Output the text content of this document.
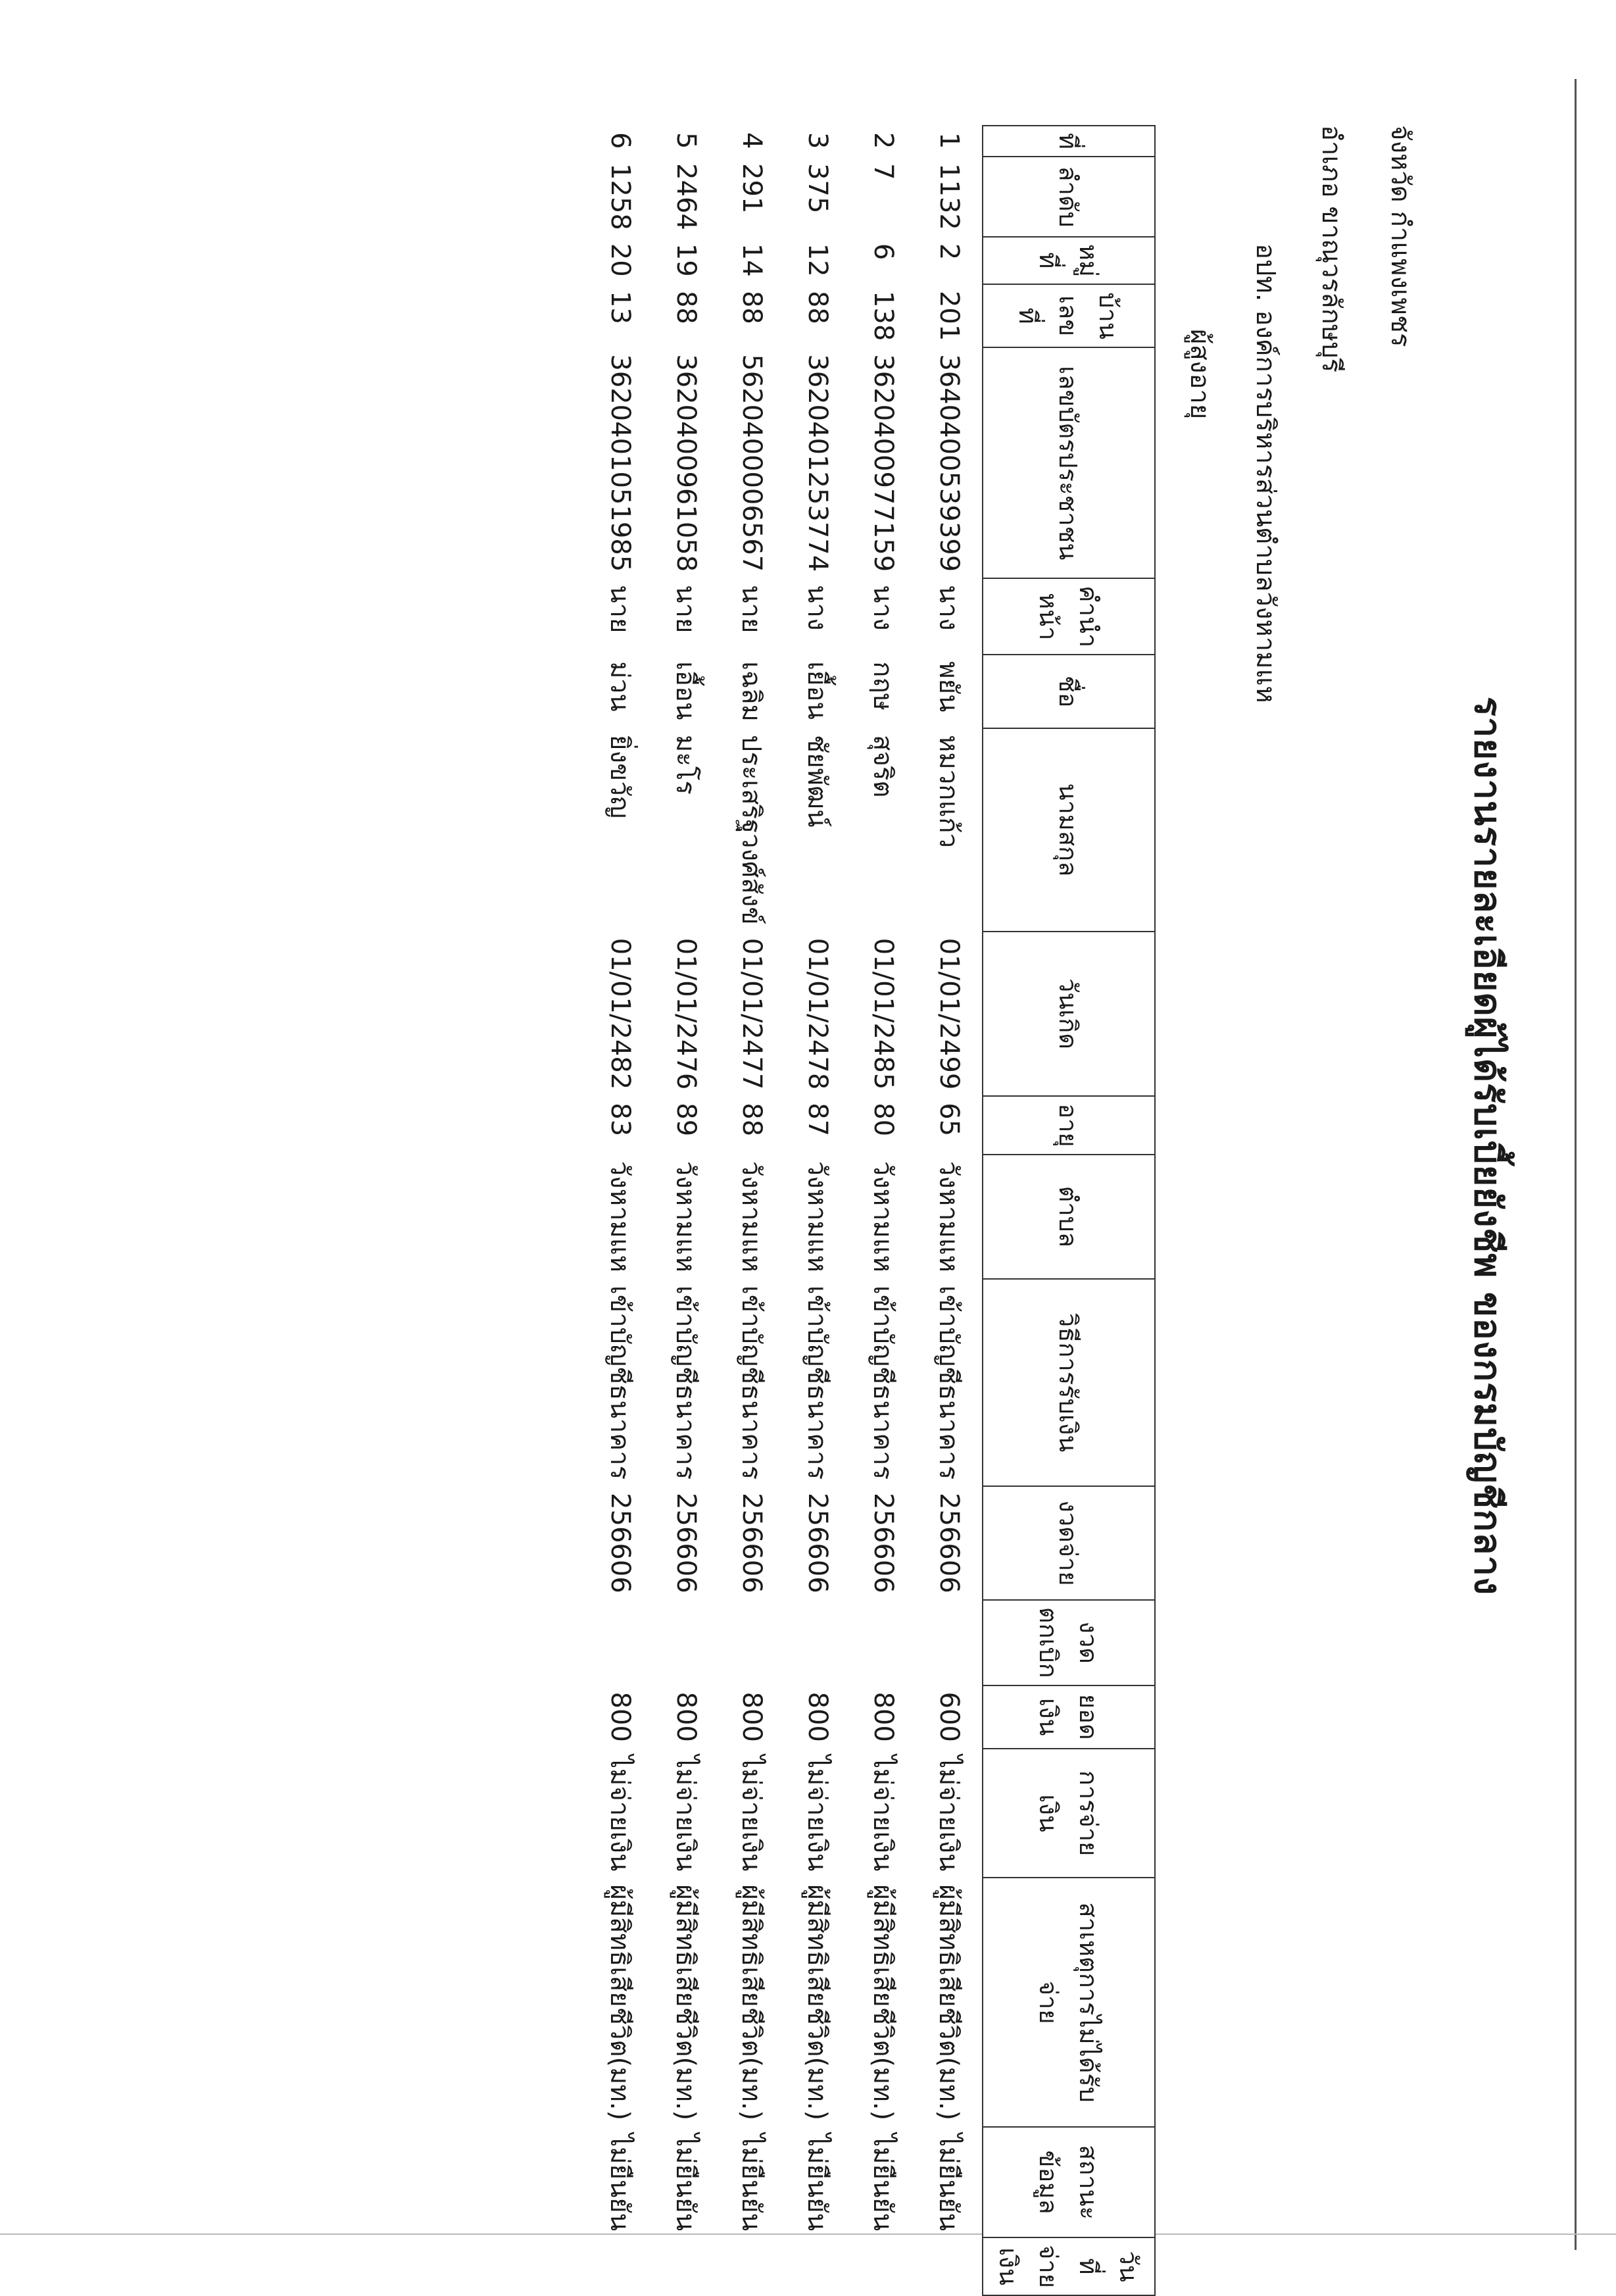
รายงานรายละเอียดผู้ได้รับเบี้ยยังชีพ ของกรมบัญชีกลาง
จังหวัด กำแพงเพชร
อำเภอ ขาณุวรลักษบุรี
อปท. องค์การบริหารส่วนตำบลวังหามแห
ผู้สูงอายุ
ที่	ลำดับ	หมู่ที่	บ้านเลขที่	เลขบัตรประชาชน	คำนำหน้า	ชื่อ	นามสกุล	วันเกิด	อายุ	ตำบล	วิธีการรับเงิน	งวดจ่าย	งวด ตกเบิก	ยอดเงิน	การจ่ายเงิน	สาเหตุการไม่ได้รับจ่าย	สถานะ ข้อมูล	วันที่ จ่ายเงิน
1	1132	2	201	3640400539399	นาง	พยัน	หมวกแก้ว	01/01/2499	65	วังหามแห	เข้าบัญชีธนาคาร	256606		600	ไม่จ่ายเงิน	ผู้มีสิทธิเสียชีวิต(มท.)	ไม่ยืนยัน	
2	7	6	138	3620400977159	นาง	กฤษ	สุจริต	01/01/2485	80	วังหามแห	เข้าบัญชีธนาคาร	256606		800	ไม่จ่ายเงิน	ผู้มีสิทธิเสียชีวิต(มท.)	ไม่ยืนยัน	
3	375	12	88	3620401253774	นาง	เยื้อน	ชัยพัฒน์	01/01/2478	87	วังหามแห	เข้าบัญชีธนาคาร	256606		800	ไม่จ่ายเงิน	ผู้มีสิทธิเสียชีวิต(มท.)	ไม่ยืนยัน	
4	291	14	88	5620400006567	นาย	เฉลิม	ประเสริฐวงศ์สังข์	01/01/2477	88	วังหามแห	เข้าบัญชีธนาคาร	256606		800	ไม่จ่ายเงิน	ผู้มีสิทธิเสียชีวิต(มท.)	ไม่ยืนยัน	
5	2464	19	88	3620400961058	นาย	เอื้อน	มะโร	01/01/2476	89	วังหามแห	เข้าบัญชีธนาคาร	256606		800	ไม่จ่ายเงิน	ผู้มีสิทธิเสียชีวิต(มท.)	ไม่ยืนยัน	
6	1258	20	13	3620401051985	นาย	ม่วน	ยิ่งขวัญ	01/01/2482	83	วังหามแห	เข้าบัญชีธนาคาร	256606		800	ไม่จ่ายเงิน	ผู้มีสิทธิเสียชีวิต(มท.)	ไม่ยืนยัน	
